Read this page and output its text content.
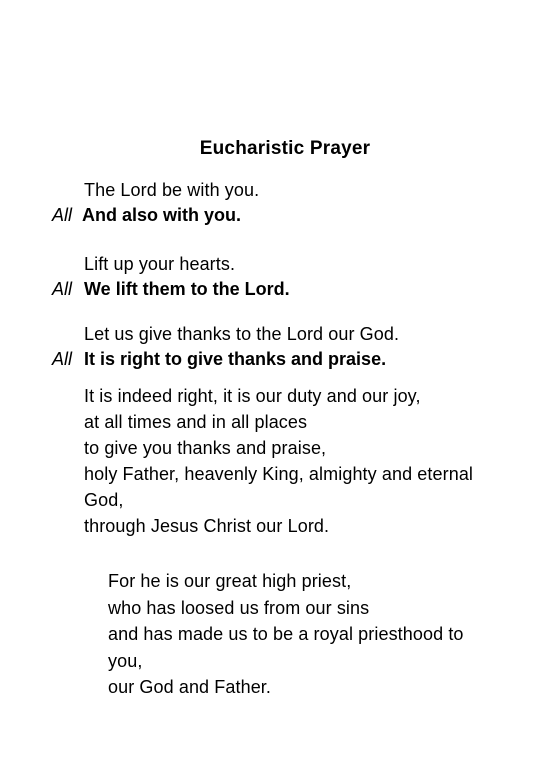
Eucharistic Prayer
The Lord be with you.
All And also with you.
Lift up your hearts.
All We lift them to the Lord.
Let us give thanks to the Lord our God.
All It is right to give thanks and praise.
It is indeed right, it is our duty and our joy,
at all times and in all places
to give you thanks and praise,
holy Father, heavenly King, almighty and eternal
God,
through Jesus Christ our Lord.
For he is our great high priest,
who has loosed us from our sins
and has made us to be a royal priesthood to
you,
our God and Father.
